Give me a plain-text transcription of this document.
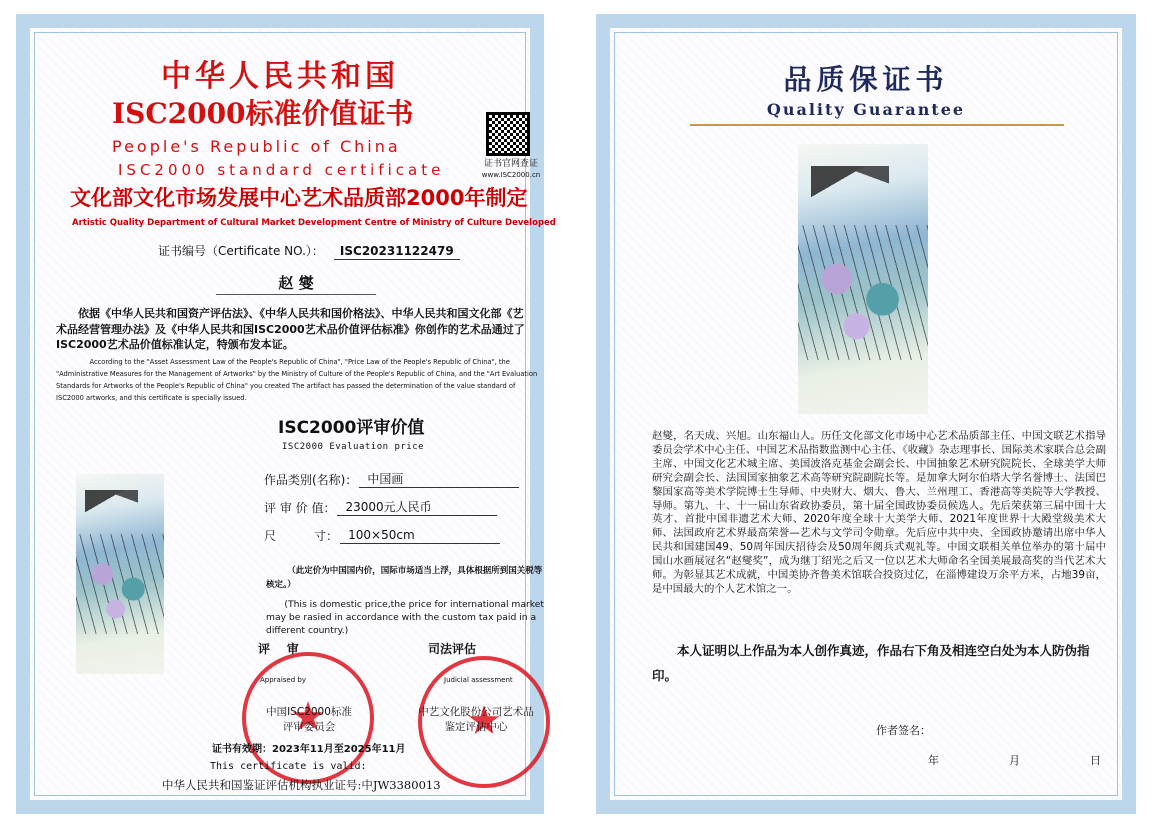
中华人民共和国
ISC2000标准价值证书
People's Republic of China
ISC2000 standard certificate	证书官网查证
www.ISC2000.cn
文化部文化市场发展中心艺术品质部2000年制定
Artistic Quality Department of Cultural Market Development Centre of Ministry of Culture Developed
证书编号（Certificate NO.）： ISC20231122479
赵 燮
依据《中华人民共和国资产评估法》、《中华人民共和国价格法》、中华人民共和国文化部《艺术品经营管理办法》及《中华人民共和国ISC2000艺术品价值评估标准》你创作的艺术品通过了ISC2000艺术品价值标准认定，特颁布发本证。
According to the "Asset Assessment Law of the People's Republic of China", "Price Law of the People's Republic of China", the "Administrative Measures for the Management of Artworks" by the Ministry of Culture of the People's Republic of China, and the "Art Evaluation Standards for Artworks of the People's Republic of China" you created The artifact has passed the determination of the value standard of ISC2000 artworks, and this certificate is specially issued.
ISC2000评审价值
ISC2000 Evaluation price
作品类别(名称)： 中国画
评 审 价 值： 23000元人民币
尺          寸： 100×50cm
（此定价为中国国内价，国际市场适当上浮，具体根据所到国关税等核定。）
(This is domestic price,the price for international market may be rasied in accordance with the custom tax paid in a different country.)
评    审	司法评估
★
★
Appraised by	Judicial assessment
中国ISC2000标准
评审委员会
中艺文化股份公司艺术品
鉴定评估中心
证书有效期：2023年11月至2025年11月
This certificate is valid:
中华人民共和国鉴证评估机构执业证号:中JW3380013
品质保证书
Quality Guarantee
赵燮，名天成、兴旭。山东福山人。历任文化部文化市场中心艺术品质部主任、中国文联艺术指导委员会学术中心主任、中国艺术品指数监测中心主任、《收藏》杂志理事长、国际美术家联合总会副主席、中国文化艺术城主席、美国波洛克基金会副会长、中国抽象艺术研究院院长、全球美学大师研究会副会长、法国国家抽象艺术高等研究院副院长等。是加拿大阿尔伯塔大学名誉博士、法国巴黎国家高等美术学院博士生导师、中央财大、烟大、鲁大、兰州理工、香港高等美院等大学教授、导师。第九、十、十一届山东省政协委员，第十届全国政协委员候选人。先后荣获第三届中国十大英才、首批中国非遗艺术大师、2020年度全球十大美学大师、2021年度世界十大殿堂级美术大师、法国政府艺术界最高荣誉—艺术与文学司令勋章。先后应中共中央、全国政协邀请出席中华人民共和国建国49、50周年国庆招待会及50周年阅兵式观礼等。中国文联相关单位举办的第十届中国山水画展冠名“赵燮奖”，成为继丁绍光之后又一位以艺术大师命名全国美展最高奖的当代艺术大师。为彰显其艺术成就，中国美协齐鲁美术馆联合投资过亿，在淄博建设万余平方米，占地39亩，是中国最大的个人艺术馆之一。
本人证明以上作品为本人创作真迹，作品右下角及相连空白处为本人防伪指印。
作者签名：
年    月    日
